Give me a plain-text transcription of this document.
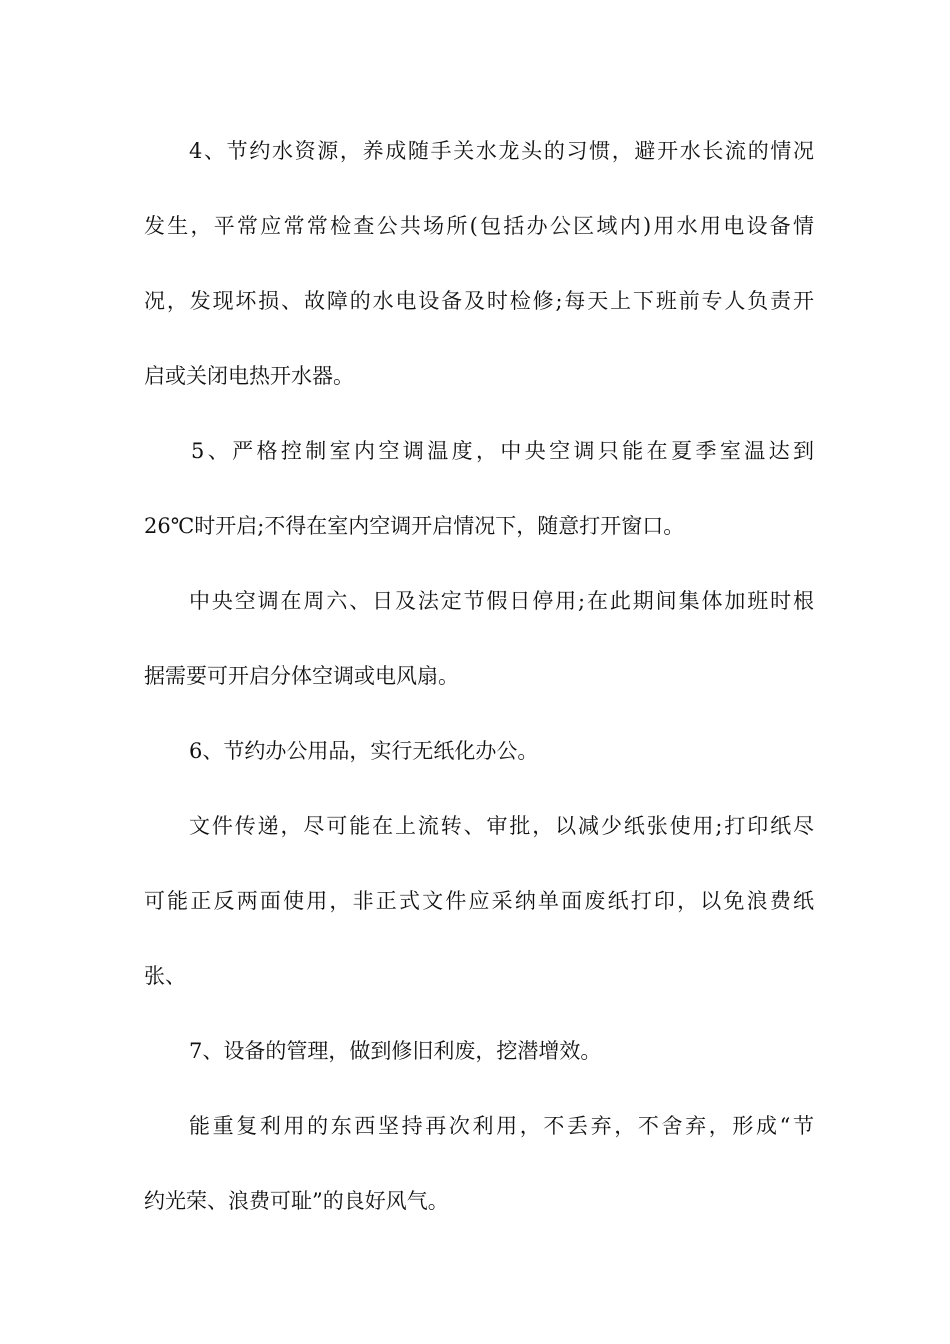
4、节约水资源，养成随手关水龙头的习惯，避开水长流的情况
发生，平常应常常检查公共场所(包括办公区域内)用水用电设备情
况，发现坏损、故障的水电设备及时检修;每天上下班前专人负责开
启或关闭电热开水器。
5、严格控制室内空调温度，中央空调只能在夏季室温达到
26℃时开启;不得在室内空调开启情况下，随意打开窗口。
中央空调在周六、日及法定节假日停用;在此期间集体加班时根
据需要可开启分体空调或电风扇。
6、节约办公用品，实行无纸化办公。
文件传递，尽可能在上流转、审批，以减少纸张使用;打印纸尽
可能正反两面使用，非正式文件应采纳单面废纸打印，以免浪费纸
张、
7、设备的管理，做到修旧利废，挖潜增效。
能重复利用的东西坚持再次利用，不丢弃，不舍弃，形成“节
约光荣、浪费可耻”的良好风气。
